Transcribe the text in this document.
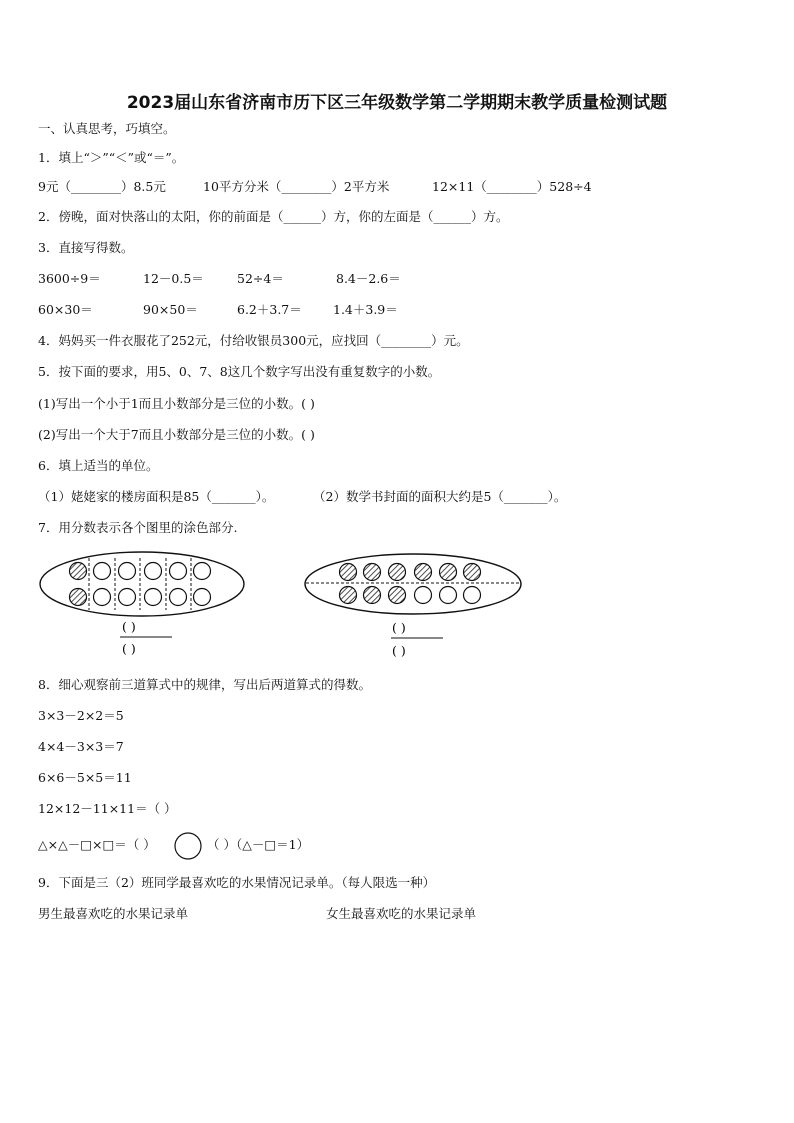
2023届山东省济南市历下区三年级数学第二学期期末教学质量检测试题
一、认真思考，巧填空。
1．填上“＞”“＜”或“＝”。
9元（________）8.5元	10平方分米（________）2平方米	12×11（________）528÷4
2．傍晚，面对快落山的太阳，你的前面是（______）方，你的左面是（______）方。
3．直接写得数。
3600÷9＝	12－0.5＝	52÷4＝	8.4－2.6＝
60×30＝	90×50＝	6.2＋3.7＝ 1.4＋3.9＝
4．妈妈买一件衣服花了252元，付给收银员300元，应找回（________）元。
5．按下面的要求，用5、0、7、8这几个数字写出没有重复数字的小数。
(1)写出一个小于1而且小数部分是三位的小数。( )
(2)写出一个大于7而且小数部分是三位的小数。( )
6．填上适当的单位。
（1）姥姥家的楼房面积是85（_______）。	（2）数学书封面的面积大约是5（_______）。
7．用分数表示各个图里的涂色部分.
( )
( )
( )
( )
8．细心观察前三道算式中的规律，写出后两道算式的得数。
3×3－2×2＝5
4×4－3×3＝7
6×6－5×5＝11
12×12－11×11＝（ ）
△×△－□×□＝（ ）	（ ）（△－□＝1）
9．下面是三（2）班同学最喜欢吃的水果情况记录单。（每人限选一种）
男生最喜欢吃的水果记录单	女生最喜欢吃的水果记录单
